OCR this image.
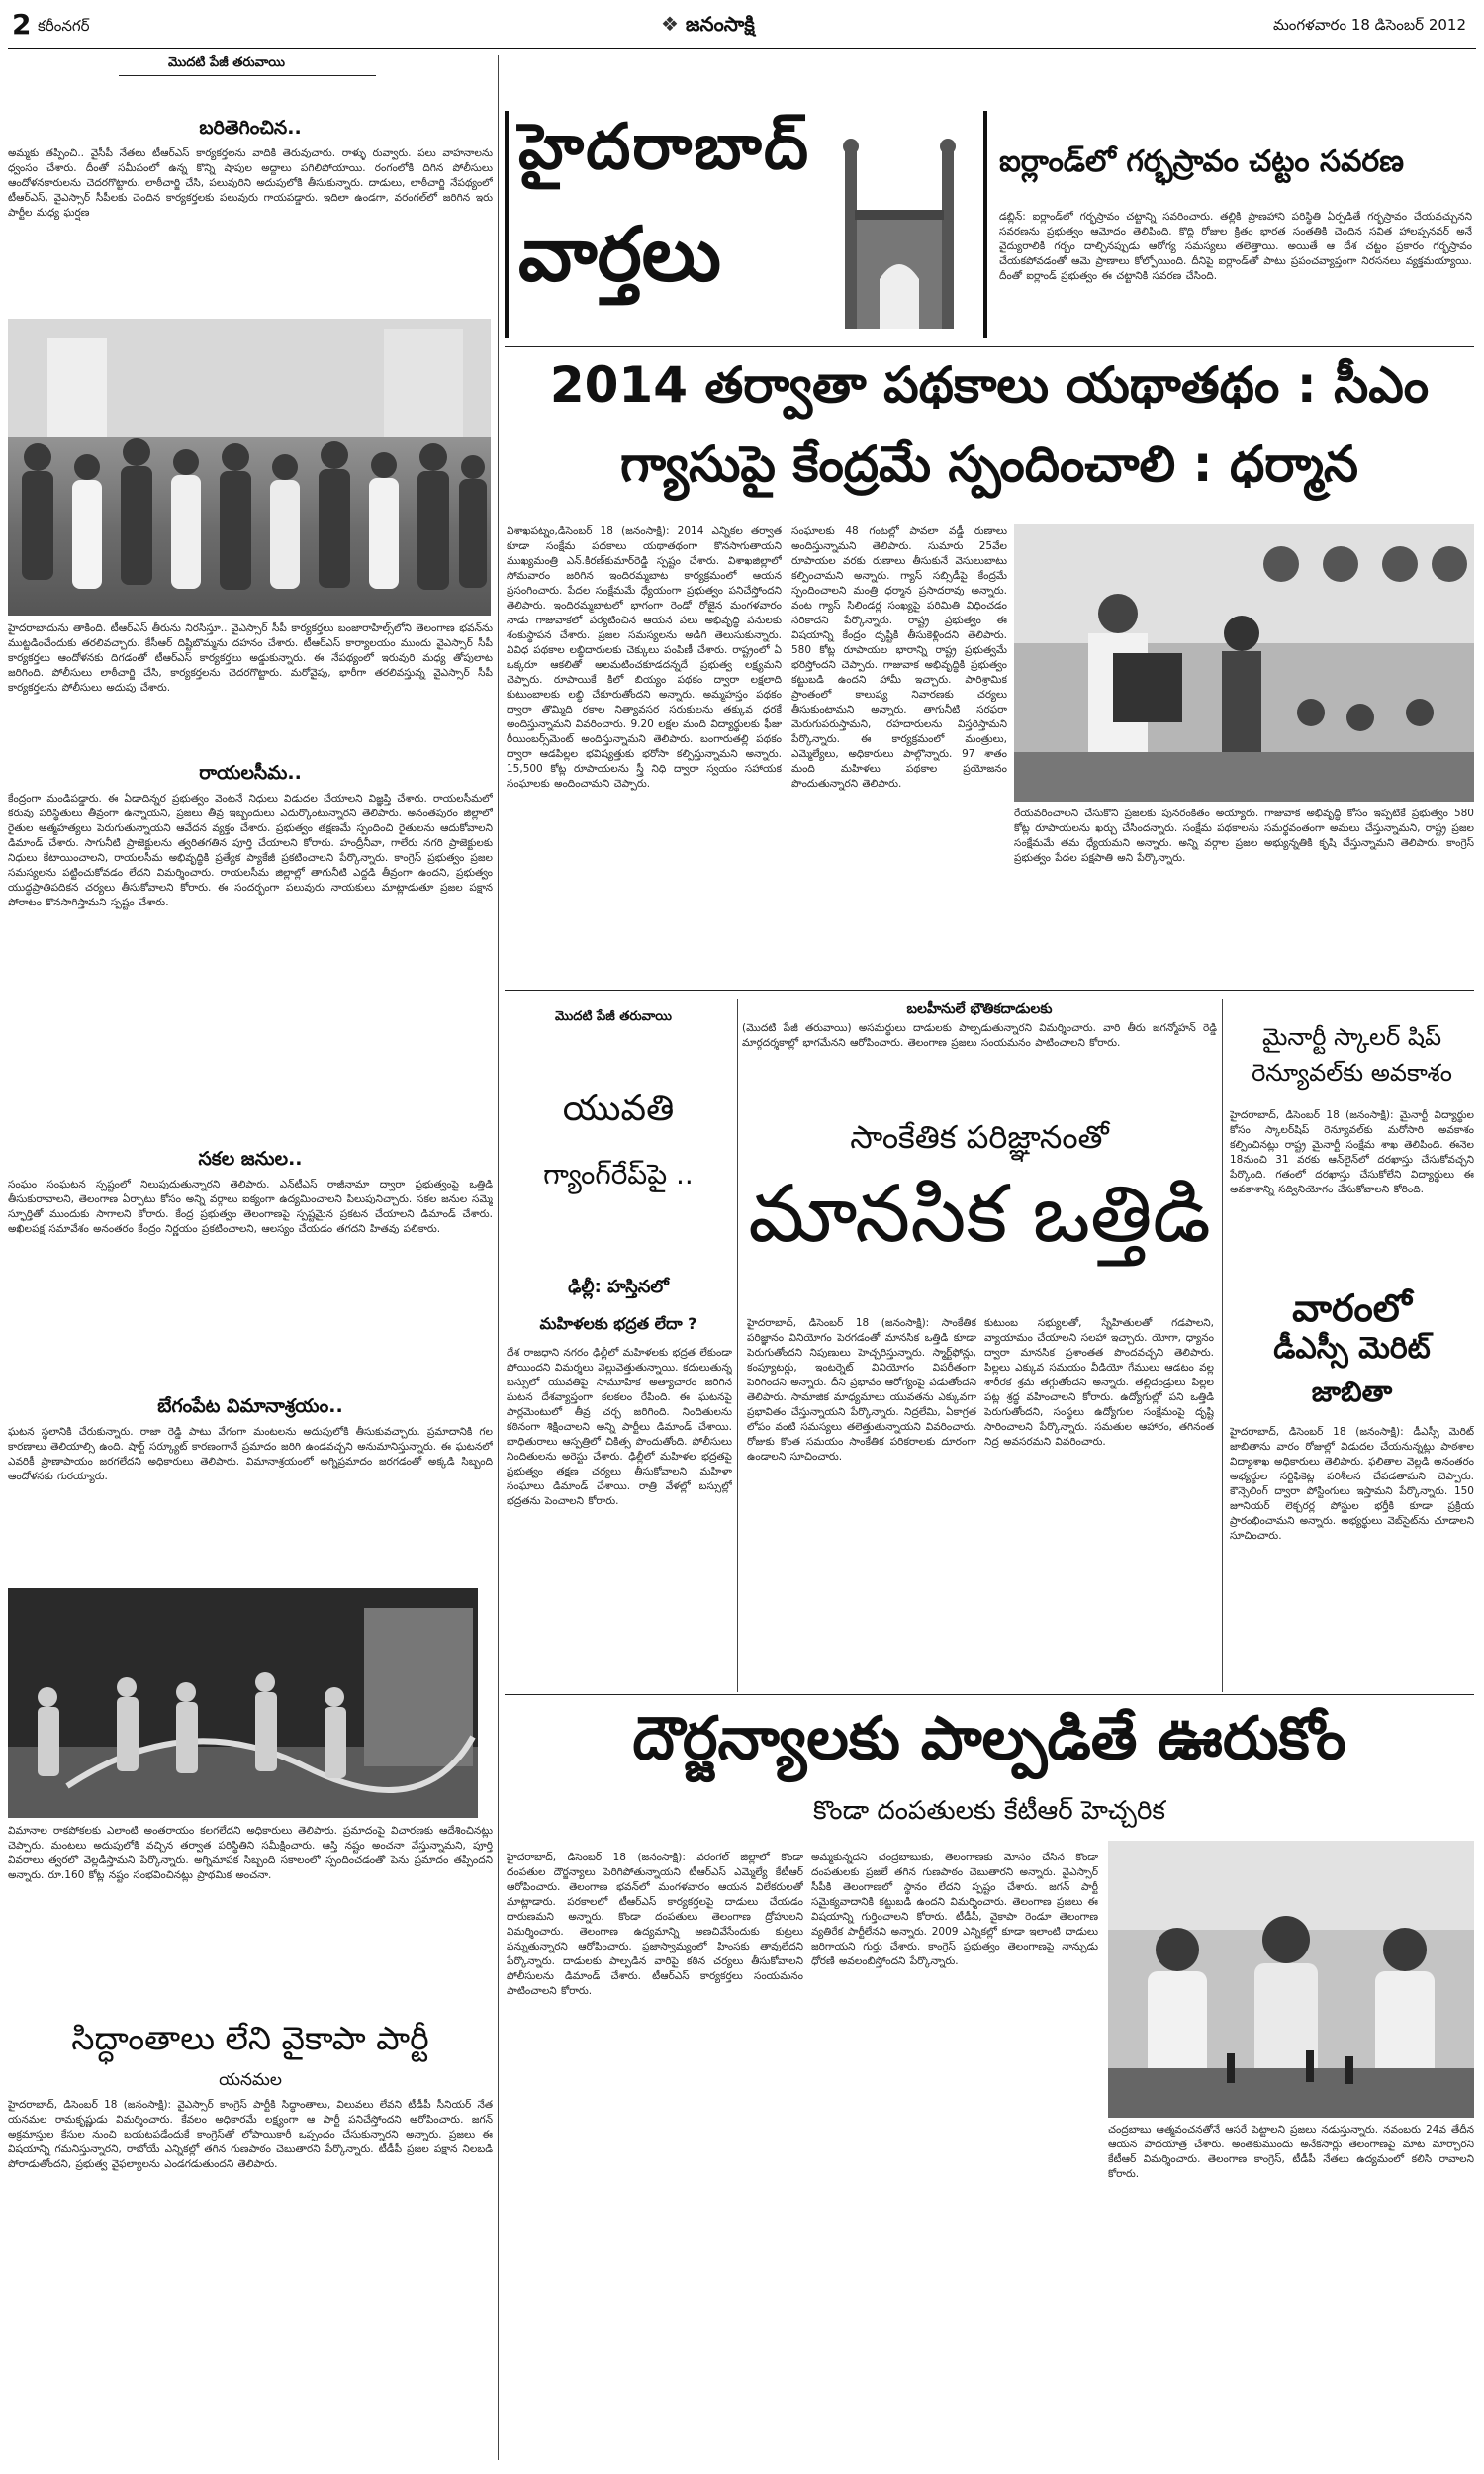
2 కరీంనగర్	❖ జనంసాక్షి	మంగళవారం 18 డిసెంబర్ 2012
మొదటి పేజీ తరువాయి
బరితెగించిన..
అమ్మకు తప్పించి.. వైసీపీ నేతలు టీఆర్ఎస్ కార్యకర్తలను వాదికి తెరువుచారు. రాళ్ళు రువ్వారు. పలు వాహనాలను ధ్వంసం చేశారు. దీంతో సమీపంలో ఉన్న కొన్ని షాపుల అద్దాలు పగిలిపోయాయి. రంగంలోకి దిగిన పోలీసులు ఆందోళనకారులను చెదరగొట్టారు. లాఠీచార్జి చేసి, పలువురిని అదుపులోకి తీసుకున్నారు. దాడులు, లాఠీచార్జి నేపథ్యంలో టీఆర్ఎస్, వైఎస్సార్ సీపీలకు చెందిన కార్యకర్తలకు పలువురు గాయపడ్డారు. ఇదిలా ఉండగా, వరంగల్‌లో జరిగిన ఇరు పార్టీల మధ్య ఘర్షణ
హైదరాబాదును తాకింది. టీఆర్ఎస్ తీరును నిరసిస్తూ.. వైఎస్సార్ సీపీ కార్యకర్తలు బంజారాహిల్స్‌లోని తెలంగాణ భవన్‌ను ముట్టడించేందుకు తరలివచ్చారు. కేసీఆర్ దిష్టిబొమ్మను దహనం చేశారు. టీఆర్ఎస్ కార్యాలయం ముందు వైఎస్సార్ సీపీ కార్యకర్తలు ఆందోళనకు దిగడంతో టీఆర్ఎస్ కార్యకర్తలు అడ్డుకున్నారు. ఈ నేపథ్యంలో ఇరువురి మధ్య తోపులాట జరిగింది. పోలీసులు లాఠీచార్జి చేసి, కార్యకర్తలను చెదరగొట్టారు. మరోవైపు, భారీగా తరలివస్తున్న వైఎస్సార్ సీపీ కార్యకర్తలను పోలీసులు అదుపు చేశారు.
రాయలసీమ..
కేంద్రంగా మండిపడ్డారు. ఈ ఏడాదిన్నర ప్రభుత్వం వెంటనే నిధులు విడుదల చేయాలని విజ్ఞప్తి చేశారు. రాయలసీమలో కరువు పరిస్థితులు తీవ్రంగా ఉన్నాయని, ప్రజలు తీవ్ర ఇబ్బందులు ఎదుర్కొంటున్నారని తెలిపారు. అనంతపురం జిల్లాలో రైతుల ఆత్మహత్యలు పెరుగుతున్నాయని ఆవేదన వ్యక్తం చేశారు. ప్రభుత్వం తక్షణమే స్పందించి రైతులను ఆదుకోవాలని డిమాండ్ చేశారు. సాగునీటి ప్రాజెక్టులను త్వరితగతిన పూర్తి చేయాలని కోరారు. హంద్రీనీవా, గాలేరు నగరి ప్రాజెక్టులకు నిధులు కేటాయించాలని, రాయలసీమ అభివృద్ధికి ప్రత్యేక ప్యాకేజీ ప్రకటించాలని పేర్కొన్నారు. కాంగ్రెస్ ప్రభుత్వం ప్రజల సమస్యలను పట్టించుకోవడం లేదని విమర్శించారు. రాయలసీమ జిల్లాల్లో తాగునీటి ఎద్దడి తీవ్రంగా ఉందని, ప్రభుత్వం యుద్ధప్రాతిపదికన చర్యలు తీసుకోవాలని కోరారు. ఈ సందర్భంగా పలువురు నాయకులు మాట్లాడుతూ ప్రజల పక్షాన పోరాటం కొనసాగిస్తామని స్పష్టం చేశారు.
సకల జనుల..
సంఘం సంఘటన స్పష్టంలో నిలుపుదుతున్నారని తెలిపారు. ఎన్‌టీఎస్ రాజీనామా ద్వారా ప్రభుత్వంపై ఒత్తిడి తీసుకురావాలని, తెలంగాణ ఏర్పాటు కోసం అన్ని వర్గాలు ఐక్యంగా ఉద్యమించాలని పిలుపునిచ్చారు. సకల జనుల సమ్మె స్ఫూర్తితో ముందుకు సాగాలని కోరారు. కేంద్ర ప్రభుత్వం తెలంగాణపై స్పష్టమైన ప్రకటన చేయాలని డిమాండ్ చేశారు. అఖిలపక్ష సమావేశం అనంతరం కేంద్రం నిర్ణయం ప్రకటించాలని, ఆలస్యం చేయడం తగదని హితవు పలికారు.
బేగంపేట విమానాశ్రయం..
ఘటన స్థలానికి చేరుకున్నారు. రాజా రెడ్డి పాటు వేగంగా మంటలను అదుపులోకి తీసుకువచ్చారు. ప్రమాదానికి గల కారణాలు తెలియాల్సి ఉంది. షార్ట్ సర్క్యూట్ కారణంగానే ప్రమాదం జరిగి ఉండవచ్చని అనుమానిస్తున్నారు. ఈ ఘటనలో ఎవరికీ ప్రాణాపాయం జరగలేదని అధికారులు తెలిపారు. విమానాశ్రయంలో అగ్నిప్రమాదం జరగడంతో అక్కడి సిబ్బంది ఆందోళనకు గురయ్యారు.
విమానాల రాకపోకలకు ఎలాంటి అంతరాయం కలగలేదని అధికారులు తెలిపారు. ప్రమాదంపై విచారణకు ఆదేశించినట్లు చెప్పారు. మంటలు అదుపులోకి వచ్చిన తర్వాత పరిస్థితిని సమీక్షించారు. ఆస్తి నష్టం అంచనా వేస్తున్నామని, పూర్తి వివరాలు త్వరలో వెల్లడిస్తామని పేర్కొన్నారు. అగ్నిమాపక సిబ్బంది సకాలంలో స్పందించడంతో పెను ప్రమాదం తప్పిందని అన్నారు. రూ.160 కోట్ల నష్టం సంభవించినట్లు ప్రాథమిక అంచనా.
సిద్ధాంతాలు లేని వైకాపా పార్టీ
యనమల
హైదరాబాద్, డిసెంబర్ 18 (జనంసాక్షి): వైఎస్సార్ కాంగ్రెస్ పార్టీకి సిద్ధాంతాలు, విలువలు లేవని టీడీపీ సీనియర్ నేత యనమల రామకృష్ణుడు విమర్శించారు. కేవలం అధికారమే లక్ష్యంగా ఆ పార్టీ పనిచేస్తోందని ఆరోపించారు. జగన్ అక్రమాస్తుల కేసుల నుంచి బయటపడేందుకే కాంగ్రెస్‌తో లోపాయికారీ ఒప్పందం చేసుకున్నారని అన్నారు. ప్రజలు ఈ విషయాన్ని గమనిస్తున్నారని, రాబోయే ఎన్నికల్లో తగిన గుణపాఠం చెబుతారని పేర్కొన్నారు. టీడీపీ ప్రజల పక్షాన నిలబడి పోరాడుతోందని, ప్రభుత్వ వైఫల్యాలను ఎండగడుతుందని తెలిపారు.
హైదరాబాద్
వార్తలు
ఐర్లాండ్‌లో గర్భస్రావం చట్టం సవరణ
డబ్లిన్: ఐర్లాండ్‌లో గర్భస్రావం చట్టాన్ని సవరించారు. తల్లికి ప్రాణహాని పరిస్థితి ఏర్పడితే గర్భస్రావం చేయవచ్చునని సవరణను ప్రభుత్వం ఆమోదం తెలిపింది. కొద్ది రోజుల క్రితం భారత సంతతికి చెందిన సవిత హాలప్పనవర్ అనే వైద్యురాలికి గర్భం దాల్చినప్పుడు ఆరోగ్య సమస్యలు తలెత్తాయి. అయితే ఆ దేశ చట్టం ప్రకారం గర్భస్రావం చేయకపోవడంతో ఆమె ప్రాణాలు కోల్పోయింది. దీనిపై ఐర్లాండ్‌తో పాటు ప్రపంచవ్యాప్తంగా నిరసనలు వ్యక్తమయ్యాయి. దీంతో ఐర్లాండ్ ప్రభుత్వం ఈ చట్టానికి సవరణ చేసింది.
2014 తర్వాతా పథకాలు యథాతథం : సీఎం
గ్యాసుపై కేంద్రమే స్పందించాలి : ధర్మాన
విశాఖపట్నం,డిసెంబర్ 18 (జనంసాక్షి): 2014 ఎన్నికల తర్వాత కూడా సంక్షేమ పథకాలు యథాతథంగా కొనసాగుతాయని ముఖ్యమంత్రి ఎన్.కిరణ్‌కుమార్‌రెడ్డి స్పష్టం చేశారు. విశాఖజిల్లాలో సోమవారం జరిగిన ఇందిరమ్మబాట కార్యక్రమంలో ఆయన ప్రసంగించారు. పేదల సంక్షేమమే ధ్యేయంగా ప్రభుత్వం పనిచేస్తోందని తెలిపారు. ఇందిరమ్మబాటలో భాగంగా రెండో రోజైన మంగళవారం నాడు గాజువాకలో పర్యటించిన ఆయన పలు అభివృద్ధి పనులకు శంకుస్థాపన చేశారు. ప్రజల సమస్యలను అడిగి తెలుసుకున్నారు. వివిధ పథకాల లబ్ధిదారులకు చెక్కులు పంపిణీ చేశారు. రాష్ట్రంలో ఏ ఒక్కరూ ఆకలితో అలమటించకూడదన్నదే ప్రభుత్వ లక్ష్యమని చెప్పారు. రూపాయికే కిలో బియ్యం పథకం ద్వారా లక్షలాది కుటుంబాలకు లబ్ధి చేకూరుతోందని అన్నారు. అమ్మహస్తం పథకం ద్వారా తొమ్మిది రకాల నిత్యావసర సరుకులను తక్కువ ధరకే అందిస్తున్నామని వివరించారు. 9.20 లక్షల మంది విద్యార్థులకు ఫీజు రీయింబర్స్‌మెంట్ అందిస్తున్నామని తెలిపారు. బంగారుతల్లి పథకం ద్వారా ఆడపిల్లల భవిష్యత్తుకు భరోసా కల్పిస్తున్నామని అన్నారు. 15,500 కోట్ల రూపాయలను స్త్రీ నిధి ద్వారా స్వయం సహాయక సంఘాలకు అందించామని చెప్పారు.
సంఘాలకు 48 గంటల్లో పావలా వడ్డీ రుణాలు అందిస్తున్నామని తెలిపారు. సుమారు 25వేల రూపాయల వరకు రుణాలు తీసుకునే వెసులుబాటు కల్పించామని అన్నారు. గ్యాస్ సబ్సిడీపై కేంద్రమే స్పందించాలని మంత్రి ధర్మాన ప్రసాదరావు అన్నారు. వంట గ్యాస్ సిలిండర్ల సంఖ్యపై పరిమితి విధించడం సరికాదని పేర్కొన్నారు. రాష్ట్ర ప్రభుత్వం ఈ విషయాన్ని కేంద్రం దృష్టికి తీసుకెళ్లిందని తెలిపారు. 580 కోట్ల రూపాయల భారాన్ని రాష్ట్ర ప్రభుత్వమే భరిస్తోందని చెప్పారు. గాజువాక అభివృద్ధికి ప్రభుత్వం కట్టుబడి ఉందని హామీ ఇచ్చారు. పారిశ్రామిక ప్రాంతంలో కాలుష్య నివారణకు చర్యలు తీసుకుంటామని అన్నారు. తాగునీటి సరఫరా మెరుగుపరుస్తామని, రహదారులను విస్తరిస్తామని పేర్కొన్నారు. ఈ కార్యక్రమంలో మంత్రులు, ఎమ్మెల్యేలు, అధికారులు పాల్గొన్నారు. 97 శాతం మంది మహిళలు పథకాల ప్రయోజనం పొందుతున్నారని తెలిపారు.
రేయవరించాలని చేసుకొని ప్రజలకు పునరంకితం అయ్యారు. గాజువాక అభివృద్ధి కోసం ఇప్పటికే ప్రభుత్వం 580 కోట్ల రూపాయలను ఖర్చు చేసిందన్నారు. సంక్షేమ పథకాలను సమర్థవంతంగా అమలు చేస్తున్నామని, రాష్ట్ర ప్రజల సంక్షేమమే తమ ధ్యేయమని అన్నారు. అన్ని వర్గాల ప్రజల అభ్యున్నతికి కృషి చేస్తున్నామని తెలిపారు. కాంగ్రెస్ ప్రభుత్వం పేదల పక్షపాతి అని పేర్కొన్నారు.
మొదటి పేజీ తరువాయి	బలహీనులే భౌతికదాడులకు
(మొదటి పేజీ తరువాయి) అసమర్థులు దాడులకు పాల్పడుతున్నారని విమర్శించారు. వారి తీరు జగన్మోహన్ రెడ్డి మార్గదర్శకాల్లో భాగమేనని ఆరోపించారు. తెలంగాణ ప్రజలు సంయమనం పాటించాలని కోరారు.
యువతి
గ్యాంగ్‌రేప్‌పై ..
ఢిల్లీ: హస్తినలో
మహిళలకు భద్రత లేదా ?
దేశ రాజధాని నగరం ఢిల్లీలో మహిళలకు భద్రత లేకుండా పోయిందని విమర్శలు వెల్లువెత్తుతున్నాయి. కదులుతున్న బస్సులో యువతిపై సామూహిక అత్యాచారం జరిగిన ఘటన దేశవ్యాప్తంగా కలకలం రేపింది. ఈ ఘటనపై పార్లమెంటులో తీవ్ర చర్చ జరిగింది. నిందితులను కఠినంగా శిక్షించాలని అన్ని పార్టీలు డిమాండ్ చేశాయి. బాధితురాలు ఆస్పత్రిలో చికిత్స పొందుతోంది. పోలీసులు నిందితులను అరెస్టు చేశారు. ఢిల్లీలో మహిళల భద్రతపై ప్రభుత్వం తక్షణ చర్యలు తీసుకోవాలని మహిళా సంఘాలు డిమాండ్ చేశాయి. రాత్రి వేళల్లో బస్సుల్లో భద్రతను పెంచాలని కోరారు.
సాంకేతిక పరిజ్ఞానంతో
మానసిక ఒత్తిడి
హైదరాబాద్, డిసెంబర్ 18 (జనంసాక్షి): సాంకేతిక పరిజ్ఞానం వినియోగం పెరగడంతో మానసిక ఒత్తిడి కూడా పెరుగుతోందని నిపుణులు హెచ్చరిస్తున్నారు. స్మార్ట్‌ఫోన్లు, కంప్యూటర్లు, ఇంటర్నెట్ వినియోగం విపరీతంగా పెరిగిందని అన్నారు. దీని ప్రభావం ఆరోగ్యంపై పడుతోందని తెలిపారు. సామాజిక మాధ్యమాలు యువతను ఎక్కువగా ప్రభావితం చేస్తున్నాయని పేర్కొన్నారు. నిద్రలేమి, ఏకాగ్రత లోపం వంటి సమస్యలు తలెత్తుతున్నాయని వివరించారు. రోజుకు కొంత సమయం సాంకేతిక పరికరాలకు దూరంగా ఉండాలని సూచించారు.
కుటుంబ సభ్యులతో, స్నేహితులతో గడపాలని, వ్యాయామం చేయాలని సలహా ఇచ్చారు. యోగా, ధ్యానం ద్వారా మానసిక ప్రశాంతత పొందవచ్చని తెలిపారు. పిల్లలు ఎక్కువ సమయం వీడియో గేములు ఆడటం వల్ల శారీరక శ్రమ తగ్గుతోందని అన్నారు. తల్లిదండ్రులు పిల్లల పట్ల శ్రద్ధ వహించాలని కోరారు. ఉద్యోగుల్లో పని ఒత్తిడి పెరుగుతోందని, సంస్థలు ఉద్యోగుల సంక్షేమంపై దృష్టి సారించాలని పేర్కొన్నారు. సమతుల ఆహారం, తగినంత నిద్ర అవసరమని వివరించారు.
మైనార్టీ స్కాలర్ షిప్ రెన్యూవల్‌కు అవకాశం
హైదరాబాద్, డిసెంబర్ 18 (జనంసాక్షి): మైనార్టీ విద్యార్థుల కోసం స్కాలర్‌షిప్ రెన్యూవల్‌కు మరోసారి అవకాశం కల్పించినట్లు రాష్ట్ర మైనార్టీ సంక్షేమ శాఖ తెలిపింది. ఈనెల 18నుంచి 31 వరకు ఆన్‌లైన్‌లో దరఖాస్తు చేసుకోవచ్చని పేర్కొంది. గతంలో దరఖాస్తు చేసుకోలేని విద్యార్థులు ఈ అవకాశాన్ని సద్వినియోగం చేసుకోవాలని కోరింది.
వారంలో
డీఎస్సీ మెరిట్
జాబితా
హైదరాబాద్, డిసెంబర్ 18 (జనంసాక్షి): డీఎస్సీ మెరిట్ జాబితాను వారం రోజుల్లో విడుదల చేయనున్నట్లు పాఠశాల విద్యాశాఖ అధికారులు తెలిపారు. ఫలితాల వెల్లడి అనంతరం అభ్యర్థుల సర్టిఫికెట్ల పరిశీలన చేపడతామని చెప్పారు. కౌన్సెలింగ్ ద్వారా పోస్టింగులు ఇస్తామని పేర్కొన్నారు. 150 జూనియర్ లెక్చరర్ల పోస్టుల భర్తీకి కూడా ప్రక్రియ ప్రారంభించామని అన్నారు. అభ్యర్థులు వెబ్‌సైట్‌ను చూడాలని సూచించారు.
దౌర్జన్యాలకు పాల్పడితే ఊరుకోం
కొండా దంపతులకు కేటీఆర్ హెచ్చరిక
హైదరాబాద్, డిసెంబర్ 18 (జనంసాక్షి): వరంగల్ జిల్లాలో కొండా దంపతుల దౌర్జన్యాలు పెరిగిపోతున్నాయని టీఆర్ఎస్ ఎమ్మెల్యే కేటీఆర్ ఆరోపించారు. తెలంగాణ భవన్‌లో మంగళవారం ఆయన విలేకరులతో మాట్లాడారు. పరకాలలో టీఆర్ఎస్ కార్యకర్తలపై దాడులు చేయడం దారుణమని అన్నారు. కొండా దంపతులు తెలంగాణ ద్రోహులని విమర్శించారు. తెలంగాణ ఉద్యమాన్ని అణచివేసేందుకు కుట్రలు పన్నుతున్నారని ఆరోపించారు. ప్రజాస్వామ్యంలో హింసకు తావులేదని పేర్కొన్నారు. దాడులకు పాల్పడిన వారిపై కఠిన చర్యలు తీసుకోవాలని పోలీసులను డిమాండ్ చేశారు. టీఆర్ఎస్ కార్యకర్తలు సంయమనం పాటించాలని కోరారు.
అమ్మకున్నదని చంద్రబాబుకు, తెలంగాణకు మోసం చేసిన కొండా దంపతులకు ప్రజలే తగిన గుణపాఠం చెబుతారని అన్నారు. వైఎస్సార్ సీపీకి తెలంగాణలో స్థానం లేదని స్పష్టం చేశారు. జగన్ పార్టీ సమైక్యవాదానికి కట్టుబడి ఉందని విమర్శించారు. తెలంగాణ ప్రజలు ఈ విషయాన్ని గుర్తించాలని కోరారు. టీడీపీ, వైకాపా రెండూ తెలంగాణ వ్యతిరేక పార్టీలేనని అన్నారు. 2009 ఎన్నికల్లో కూడా ఇలాంటి దాడులు జరిగాయని గుర్తు చేశారు. కాంగ్రెస్ ప్రభుత్వం తెలంగాణపై నాన్చుడు ధోరణి అవలంబిస్తోందని పేర్కొన్నారు.
చంద్రబాబు ఆత్మవంచనతోనే ఆసరే పెట్టాలని ప్రజలు నడుస్తున్నారు. నవంబరు 24వ తేదీన ఆయన పాదయాత్ర చేశారు. అంతకుముందు అనేకసార్లు తెలంగాణపై మాట మార్చారని కేటీఆర్ విమర్శించారు. తెలంగాణ కాంగ్రెస్, టీడీపీ నేతలు ఉద్యమంలో కలిసి రావాలని కోరారు.
